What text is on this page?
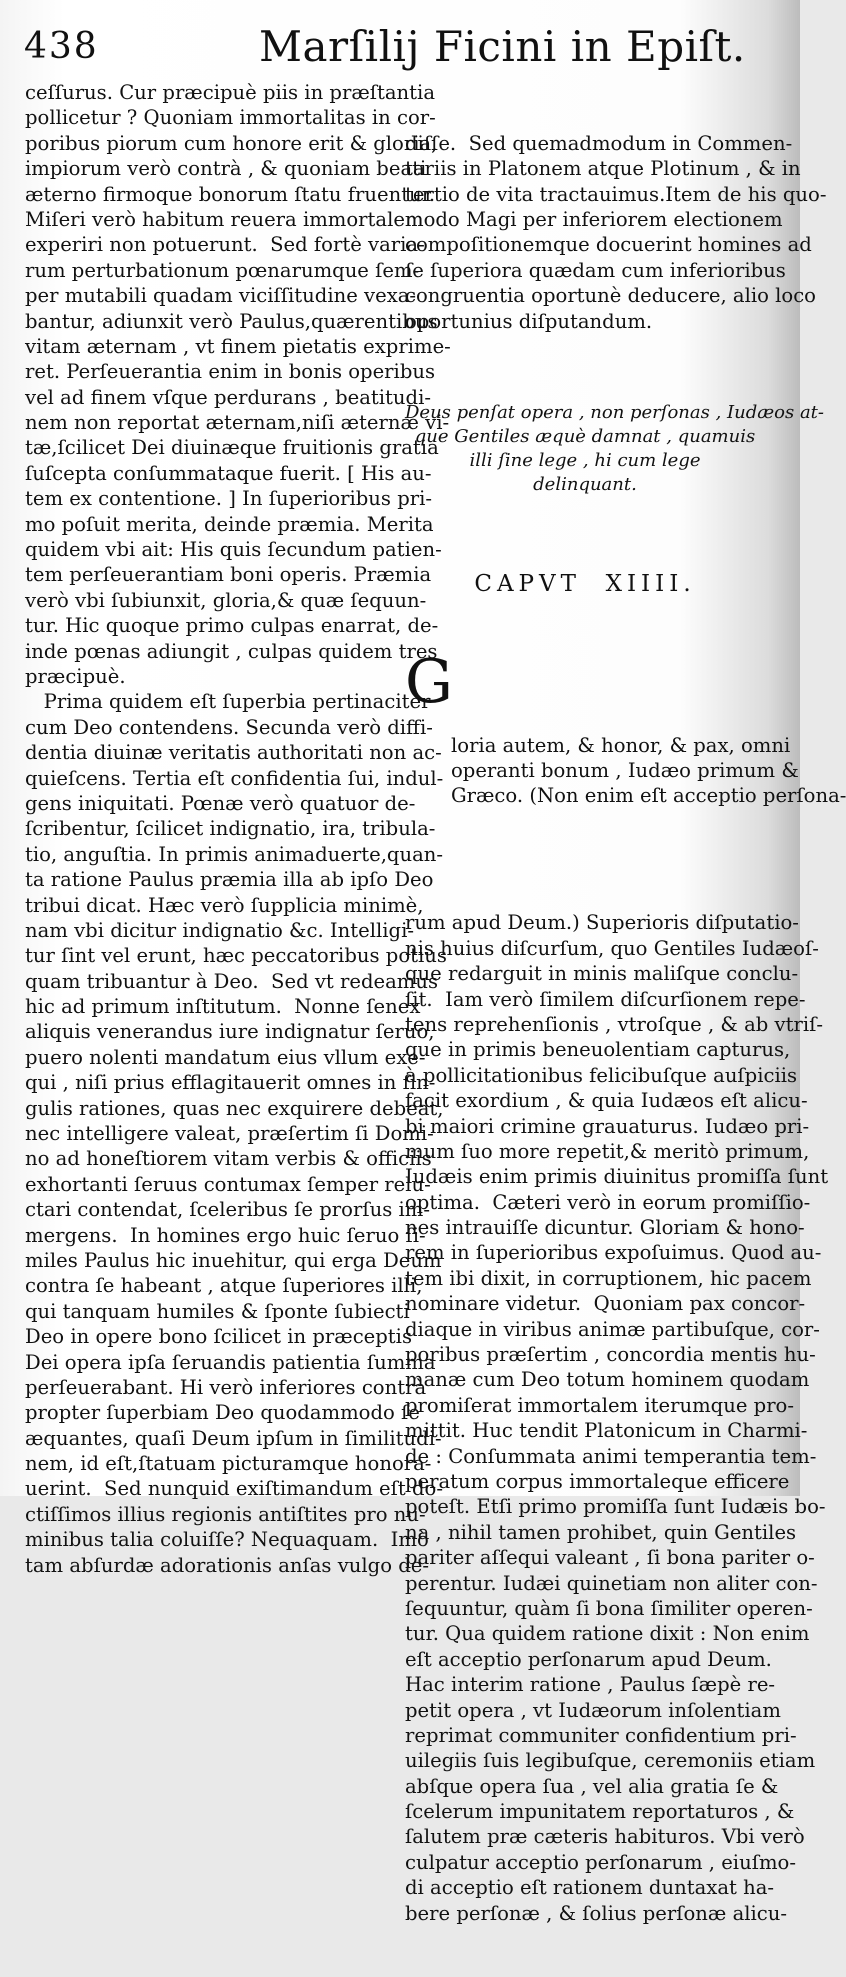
438	Marſilij Ficini in Epiſt.
ceſſurus. Cur præcipuè piis in præſtantia
pollicetur ? Quoniam immortalitas in cor-
poribus piorum cum honore erit & gloria,
impiorum verò contrà , & quoniam beati
æterno firmoque bonorum ſtatu fruentur.
Miſeri verò habitum reuera immortalem
experiri non potuerunt.  Sed fortè varia-
rum perturbationum pœnarumque ſem-
per mutabili quadam viciſſitudine vexa-
bantur, adiunxit verò Paulus,quærentibus
vitam æternam , vt finem pietatis exprime-
ret. Perſeuerantia enim in bonis operibus
vel ad finem vſque perdurans , beatitudi-
nem non reportat æternam,niſi æternæ vi-
tæ,ſcilicet Dei diuinæque fruitionis gratia
ſuſcepta conſummataque fuerit. [ His au-
tem ex contentione. ] In ſuperioribus pri-
mo poſuit merita, deinde præmia. Merita
quidem vbi ait: His quis ſecundum patien-
tem perſeuerantiam boni operis. Præmia
verò vbi ſubiunxit, gloria,& quæ ſequun-
tur. Hic quoque primo culpas enarrat, de-
inde pœnas adiungit , culpas quidem tres
præcipuè.
Prima quidem eſt ſuperbia pertinaciter
cum Deo contendens. Secunda verò diffi-
dentia diuinæ veritatis authoritati non ac-
quieſcens. Tertia eſt confidentia ſui, indul-
gens iniquitati. Pœnæ verò quatuor de-
ſcribentur, ſcilicet indignatio, ira, tribula-
tio, anguſtia. In primis animaduerte,quan-
ta ratione Paulus præmia illa ab ipſo Deo
tribui dicat. Hæc verò ſupplicia minimè,
nam vbi dicitur indignatio &c. Intelligi-
tur ſint vel erunt, hæc peccatoribus potius
quam tribuantur à Deo.  Sed vt redeamus
hic ad primum inſtitutum.  Nonne ſenex
aliquis venerandus iure indignatur ſeruo,
puero nolenti mandatum eius vllum exe-
qui , niſi prius efflagitauerit omnes in ſin-
gulis rationes, quas nec exquirere debeat,
nec intelligere valeat, præſertim ſi Domi-
no ad honeſtiorem vitam verbis & officiis
exhortanti ſeruus contumax ſemper relu-
ctari contendat, ſceleribus ſe prorſus im-
mergens.  In homines ergo huic ſeruo ſi-
miles Paulus hic inuehitur, qui erga Deum
contra ſe habeant , atque ſuperiores illi,
qui tanquam humiles & ſponte ſubiecti
Deo in opere bono ſcilicet in præceptis
Dei opera ipſa ſeruandis patientia ſumma
perſeuerabant. Hi verò inferiores contrà
propter ſuperbiam Deo quodammodo ſe
æquantes, quaſi Deum ipſum in ſimilitudi-
nem, id eſt,ſtatuam picturamque honora-
uerint.  Sed nunquid exiſtimandum eſt do-
ctiſſimos illius regionis antiſtites pro nu-
minibus talia coluiſſe? Nequaquam.  Imò
tam abſurdæ adorationis anſas vulgo de-

diſſe.  Sed quemadmodum in Commen-
tariis in Platonem atque Plotinum , & in
tertio de vita tractauimus.Item de his quo-
modo Magi per inferiorem electionem
compoſitionemque docuerint homines ad
ſe ſuperiora quædam cum inferioribus
congruentia oportunè deducere, alio loco
oportunius diſputandum.

Deus penſat opera , non perſonas , Iudæos at-
que Gentiles æquè damnat , quamuis
illi ſine lege , hi cum lege
delinquant.

CAPVT  XIIII.

G

loria autem, & honor, & pax, omni
operanti bonum , Iudæo primum &
Græco. (Non enim eſt acceptio perſona-

rum apud Deum.) Superioris diſputatio-
nis huius diſcurſum, quo Gentiles Iudæoſ-
que redarguit in minis maliſque conclu-
ſit.  Iam verò ſimilem diſcurſionem repe-
tens reprehenſionis , vtroſque , & ab vtriſ-
que in primis beneuolentiam capturus,
à pollicitationibus felicibuſque auſpiciis
facit exordium , & quia Iudæos eſt alicu-
bi maiori crimine grauaturus. Iudæo pri-
mum ſuo more repetit,& meritò primum,
Iudæis enim primis diuinitus promiſſa ſunt
optima.  Cæteri verò in eorum promiſſio-
nes intrauiſſe dicuntur. Gloriam & hono-
rem in ſuperioribus expoſuimus. Quod au-
tem ibi dixit, in corruptionem, hic pacem
nominare videtur.  Quoniam pax concor-
diaque in viribus animæ partibuſque, cor-
poribus præſertim , concordia mentis hu-
manæ cum Deo totum hominem quodam
promiſerat immortalem iterumque pro-
mittit. Huc tendit Platonicum in Charmi-
de : Conſummata animi temperantia tem-
peratum corpus immortaleque efficere
poteſt. Etſi primo promiſſa ſunt Iudæis bo-
na , nihil tamen prohibet, quin Gentiles
pariter aſſequi valeant , ſi bona pariter o-
perentur. Iudæi quinetiam non aliter con-
ſequuntur, quàm ſi bona ſimiliter operen-
tur. Qua quidem ratione dixit : Non enim
eſt acceptio perſonarum apud Deum.
Hac interim ratione , Paulus ſæpè re-
petit opera , vt Iudæorum inſolentiam
reprimat communiter confidentium pri-
uilegiis ſuis legibuſque, ceremoniis etiam
abſque opera ſua , vel alia gratia ſe &
ſcelerum impunitatem reportaturos , &
ſalutem præ cæteris habituros. Vbi verò
culpatur acceptio perſonarum , eiuſmo-
di acceptio eſt rationem duntaxat ha-
bere perſonæ , & ſolius perſonæ alicu-
